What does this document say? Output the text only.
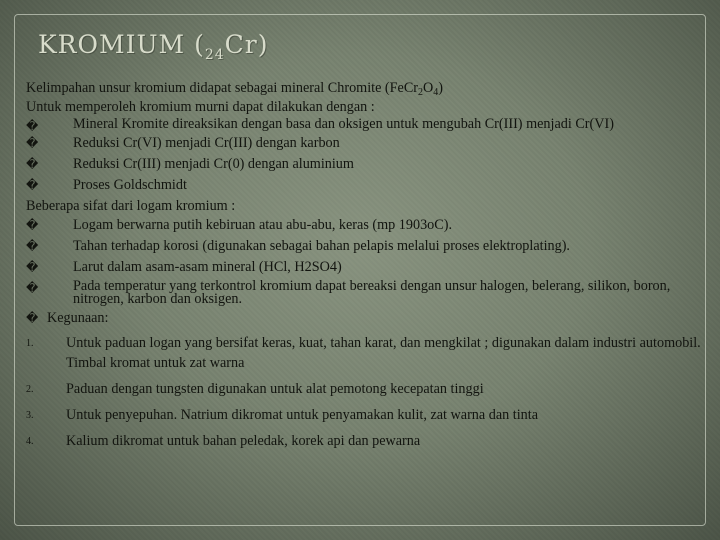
KROMIUM $(_{24}Cr)$
Kelimpahan unsur kromium didapat sebagai mineral Chromite $(FeCr_2O_4)$
Untuk memperoleh kromium murni dapat dilakukan dengan :
� Mineral Kromite direaksikan dengan basa dan oksigen untuk mengubah Cr(III) menjadi Cr(VI)
� Reduksi Cr(VI) menjadi Cr(III) dengan karbon
� Reduksi Cr(III) menjadi Cr(0) dengan aluminium
� Proses Goldschmidt
Beberapa sifat dari logam kromium :
� Logam berwarna putih kebiruan atau abu-abu, keras (mp 1903oC).
� Tahan terhadap korosi (digunakan sebagai bahan pelapis melalui proses elektroplating).
� Larut dalam asam-asam mineral (HCl, H2SO4)
� Pada temperatur yang terkontrol kromium dapat bereaksi dengan unsur halogen, belerang, silikon, boron, nitrogen, karbon dan oksigen.
� Kegunaan:
1. Untuk paduan logan yang bersifat keras, kuat, tahan karat, dan mengkilat ; digunakan dalam industri automobil. Timbal kromat untuk zat warna
2. Paduan dengan tungsten digunakan untuk alat pemotong kecepatan tinggi
3. Untuk penyepuhan. Natrium dikromat untuk penyamakan kulit, zat warna dan tinta
4. Kalium dikromat untuk bahan peledak, korek api dan pewarna
